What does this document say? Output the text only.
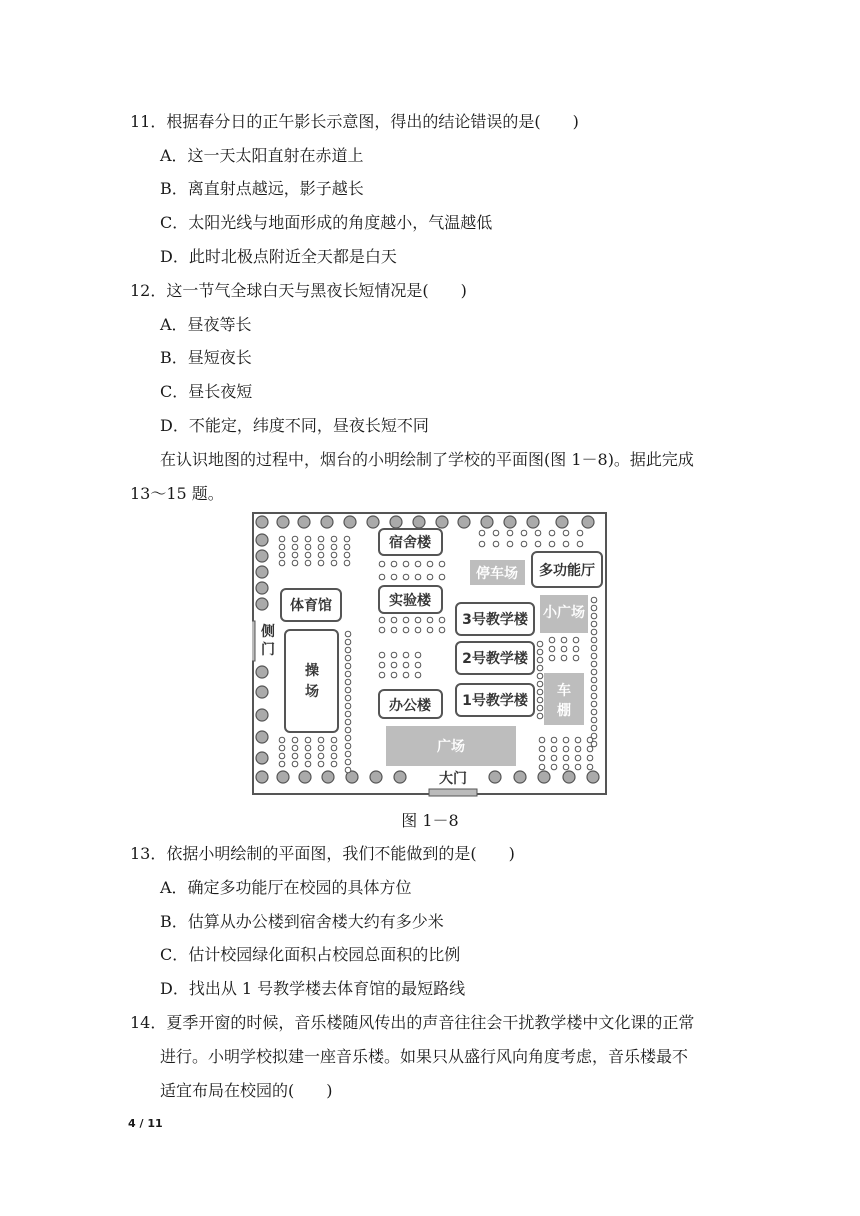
11．根据春分日的正午影长示意图，得出的结论错误的是(　　)
A．这一天太阳直射在赤道上
B．离直射点越远，影子越长
C．太阳光线与地面形成的角度越小，气温越低
D．此时北极点附近全天都是白天
12．这一节气全球白天与黑夜长短情况是(　　)
A．昼夜等长
B．昼短夜长
C．昼长夜短
D．不能定，纬度不同，昼夜长短不同
在认识地图的过程中，烟台的小明绘制了学校的平面图(图 1－8)。据此完成
13～15 题。
宿舍楼
体育馆	实验楼
停车场 多功能厅
小广场
3号教学楼
2号教学楼
1号教学楼
操
场
侧
门
车
棚
办公楼
广场
大门
图 1－8
13．依据小明绘制的平面图，我们不能做到的是(　　)
A．确定多功能厅在校园的具体方位
B．估算从办公楼到宿舍楼大约有多少米
C．估计校园绿化面积占校园总面积的比例
D．找出从 1 号教学楼去体育馆的最短路线
14．夏季开窗的时候，音乐楼随风传出的声音往往会干扰教学楼中文化课的正常
进行。小明学校拟建一座音乐楼。如果只从盛行风向角度考虑，音乐楼最不
适宜布局在校园的(　　)
4 / 11
